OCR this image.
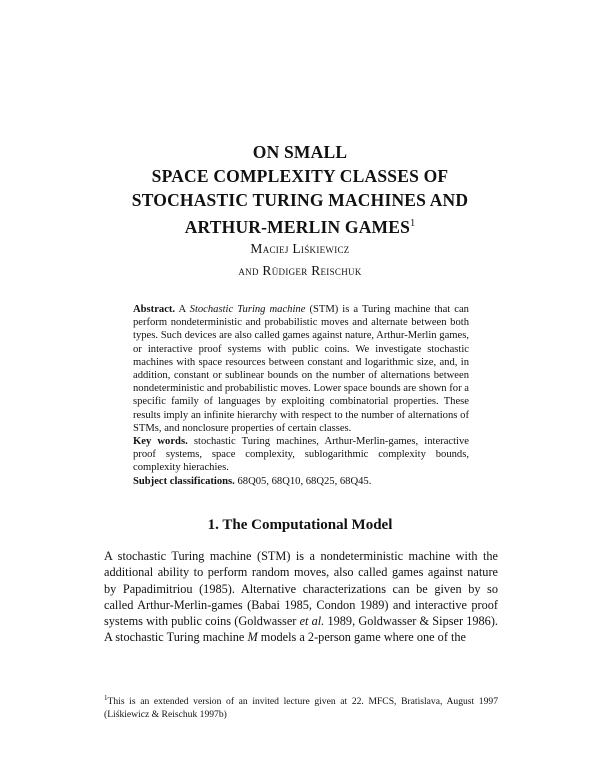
ON SMALL
SPACE COMPLEXITY CLASSES OF
STOCHASTIC TURING MACHINES AND
ARTHUR-MERLIN GAMES$^1$
Maciej Liśkiewicz
and Rüdiger Reischuk

Abstract. A Stochastic Turing machine (STM) is a Turing machine that can perform nondeterministic and probabilistic moves and alternate between both types. Such devices are also called games against nature, Arthur-Merlin games, or interactive proof systems with public coins. We investigate stochastic machines with space resources between constant and logarithmic size, and, in addition, constant or sublinear bounds on the number of alternations between nondeterministic and probabilistic moves. Lower space bounds are shown for a specific family of languages by exploiting combinatorial properties. These results imply an infinite hierarchy with respect to the number of alternations of STMs, and nonclosure properties of certain classes.

Key words. stochastic Turing machines, Arthur-Merlin-games, interactive proof systems, space complexity, sublogarithmic complexity bounds, complexity hierachies.

Subject classifications. 68Q05, 68Q10, 68Q25, 68Q45.

1. The Computational Model

A stochastic Turing machine (STM) is a nondeterministic machine with the additional ability to perform random moves, also called games against nature by Papadimitriou (1985). Alternative characterizations can be given by so called Arthur-Merlin-games (Babai 1985, Condon 1989) and interactive proof systems with public coins (Goldwasser et al. 1989, Goldwasser & Sipser 1986). A stochastic Turing machine M models a 2-person game where one of the

$^1$This is an extended version of an invited lecture given at 22. MFCS, Bratislava, August 1997 (Liśkiewicz & Reischuk 1997b)
